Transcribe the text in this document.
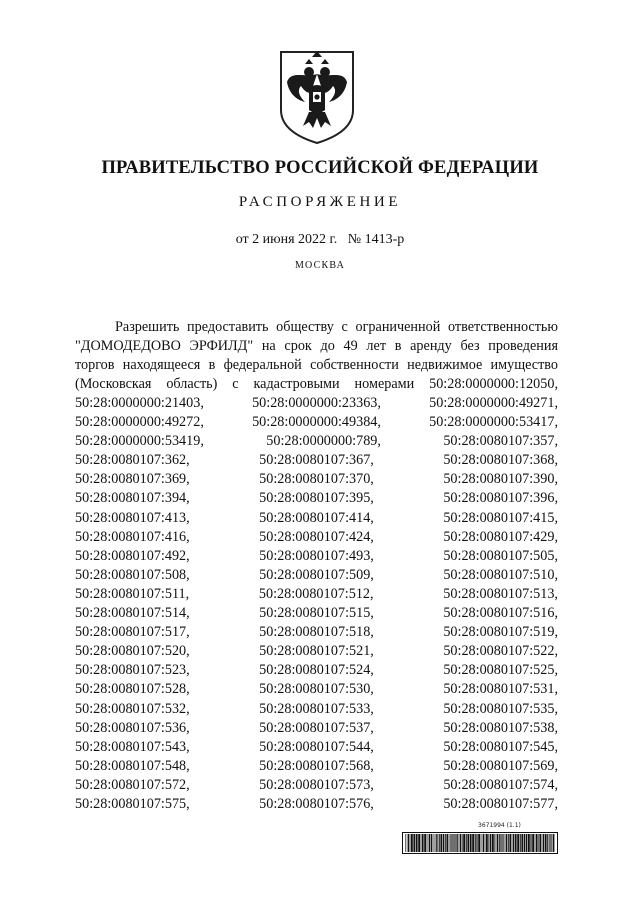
ПРАВИТЕЛЬСТВО РОССИЙСКОЙ ФЕДЕРАЦИИ
РАСПОРЯЖЕНИЕ
от 2 июня 2022 г. № 1413-р
МОСКВА
Разрешить предоставить обществу с ограниченной ответственностью
"ДОМОДЕДОВО ЭРФИЛД" на срок до 49 лет в аренду без проведения
торгов находящееся в федеральной собственности недвижимое имущество
(Московская область) с кадастровыми номерами 50:28:0000000:12050,
50:28:0000000:21403,	50:28:0000000:23363,	50:28:0000000:49271,
50:28:0000000:49272,	50:28:0000000:49384,	50:28:0000000:53417,
50:28:0000000:53419,	50:28:0000000:789,	50:28:0080107:357,
50:28:0080107:362,	50:28:0080107:367,	50:28:0080107:368,
50:28:0080107:369,	50:28:0080107:370,	50:28:0080107:390,
50:28:0080107:394,	50:28:0080107:395,	50:28:0080107:396,
50:28:0080107:413,	50:28:0080107:414,	50:28:0080107:415,
50:28:0080107:416,	50:28:0080107:424,	50:28:0080107:429,
50:28:0080107:492,	50:28:0080107:493,	50:28:0080107:505,
50:28:0080107:508,	50:28:0080107:509,	50:28:0080107:510,
50:28:0080107:511,	50:28:0080107:512,	50:28:0080107:513,
50:28:0080107:514,	50:28:0080107:515,	50:28:0080107:516,
50:28:0080107:517,	50:28:0080107:518,	50:28:0080107:519,
50:28:0080107:520,	50:28:0080107:521,	50:28:0080107:522,
50:28:0080107:523,	50:28:0080107:524,	50:28:0080107:525,
50:28:0080107:528,	50:28:0080107:530,	50:28:0080107:531,
50:28:0080107:532,	50:28:0080107:533,	50:28:0080107:535,
50:28:0080107:536,	50:28:0080107:537,	50:28:0080107:538,
50:28:0080107:543,	50:28:0080107:544,	50:28:0080107:545,
50:28:0080107:548,	50:28:0080107:568,	50:28:0080107:569,
50:28:0080107:572,	50:28:0080107:573,	50:28:0080107:574,
50:28:0080107:575,	50:28:0080107:576,	50:28:0080107:577,
3671994 (1.1)
